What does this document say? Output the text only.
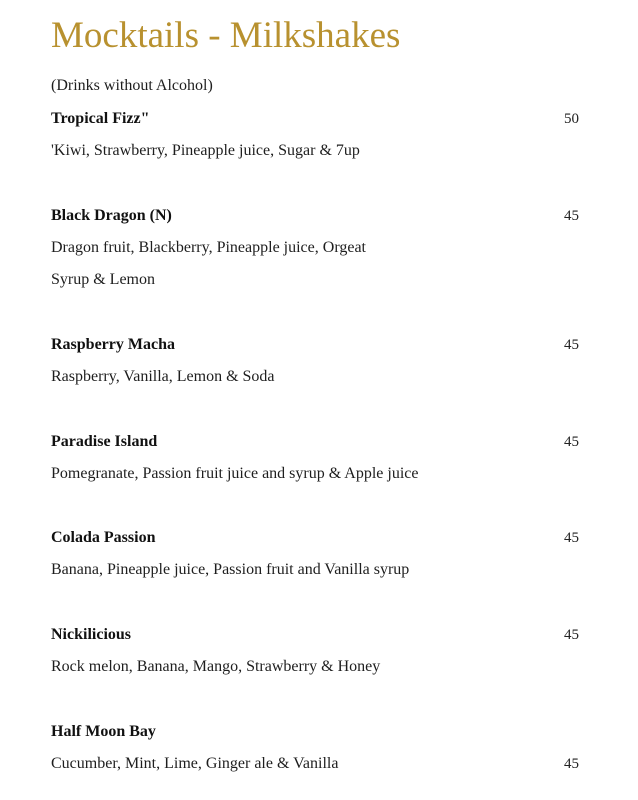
Mocktails - Milkshakes
(Drinks without Alcohol)
Tropical Fizz"	50
'Kiwi, Strawberry, Pineapple juice, Sugar & 7up
Black Dragon (N)	45
Dragon fruit, Blackberry, Pineapple juice, Orgeat
Syrup & Lemon
Raspberry Macha	45
Raspberry, Vanilla, Lemon & Soda
Paradise Island	45
Pomegranate, Passion fruit juice and syrup & Apple juice
Colada Passion	45
Banana, Pineapple juice, Passion fruit and Vanilla syrup
Nickilicious	45
Rock melon, Banana, Mango, Strawberry & Honey
Half Moon Bay
Cucumber, Mint, Lime, Ginger ale & Vanilla	45
